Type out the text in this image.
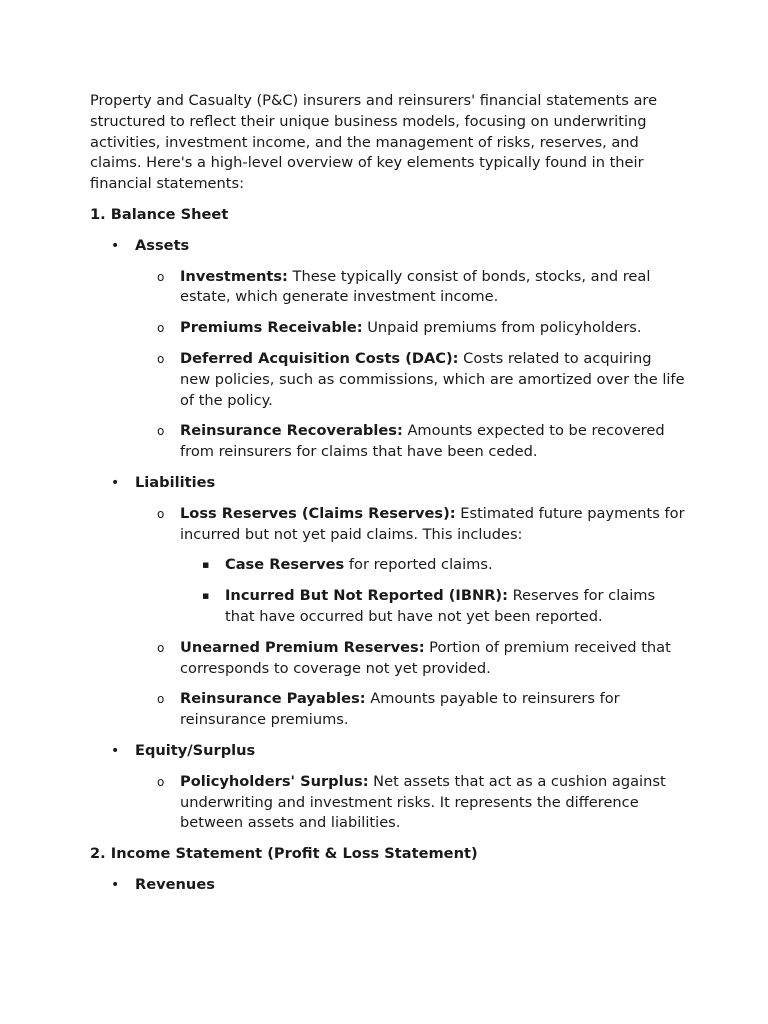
Property and Casualty (P&C) insurers and reinsurers' financial statements are structured to reflect their unique business models, focusing on underwriting activities, investment income, and the management of risks, reserves, and claims. Here's a high-level overview of key elements typically found in their financial statements:

1. Balance Sheet

• Assets
o Investments: These typically consist of bonds, stocks, and real estate, which generate investment income.
o Premiums Receivable: Unpaid premiums from policyholders.
o Deferred Acquisition Costs (DAC): Costs related to acquiring new policies, such as commissions, which are amortized over the life of the policy.
o Reinsurance Recoverables: Amounts expected to be recovered from reinsurers for claims that have been ceded.
• Liabilities
o Loss Reserves (Claims Reserves): Estimated future payments for incurred but not yet paid claims. This includes:
▪ Case Reserves for reported claims.
▪ Incurred But Not Reported (IBNR): Reserves for claims that have occurred but have not yet been reported.
o Unearned Premium Reserves: Portion of premium received that corresponds to coverage not yet provided.
o Reinsurance Payables: Amounts payable to reinsurers for reinsurance premiums.
• Equity/Surplus
o Policyholders' Surplus: Net assets that act as a cushion against underwriting and investment risks. It represents the difference between assets and liabilities.

2. Income Statement (Profit & Loss Statement)

• Revenues
